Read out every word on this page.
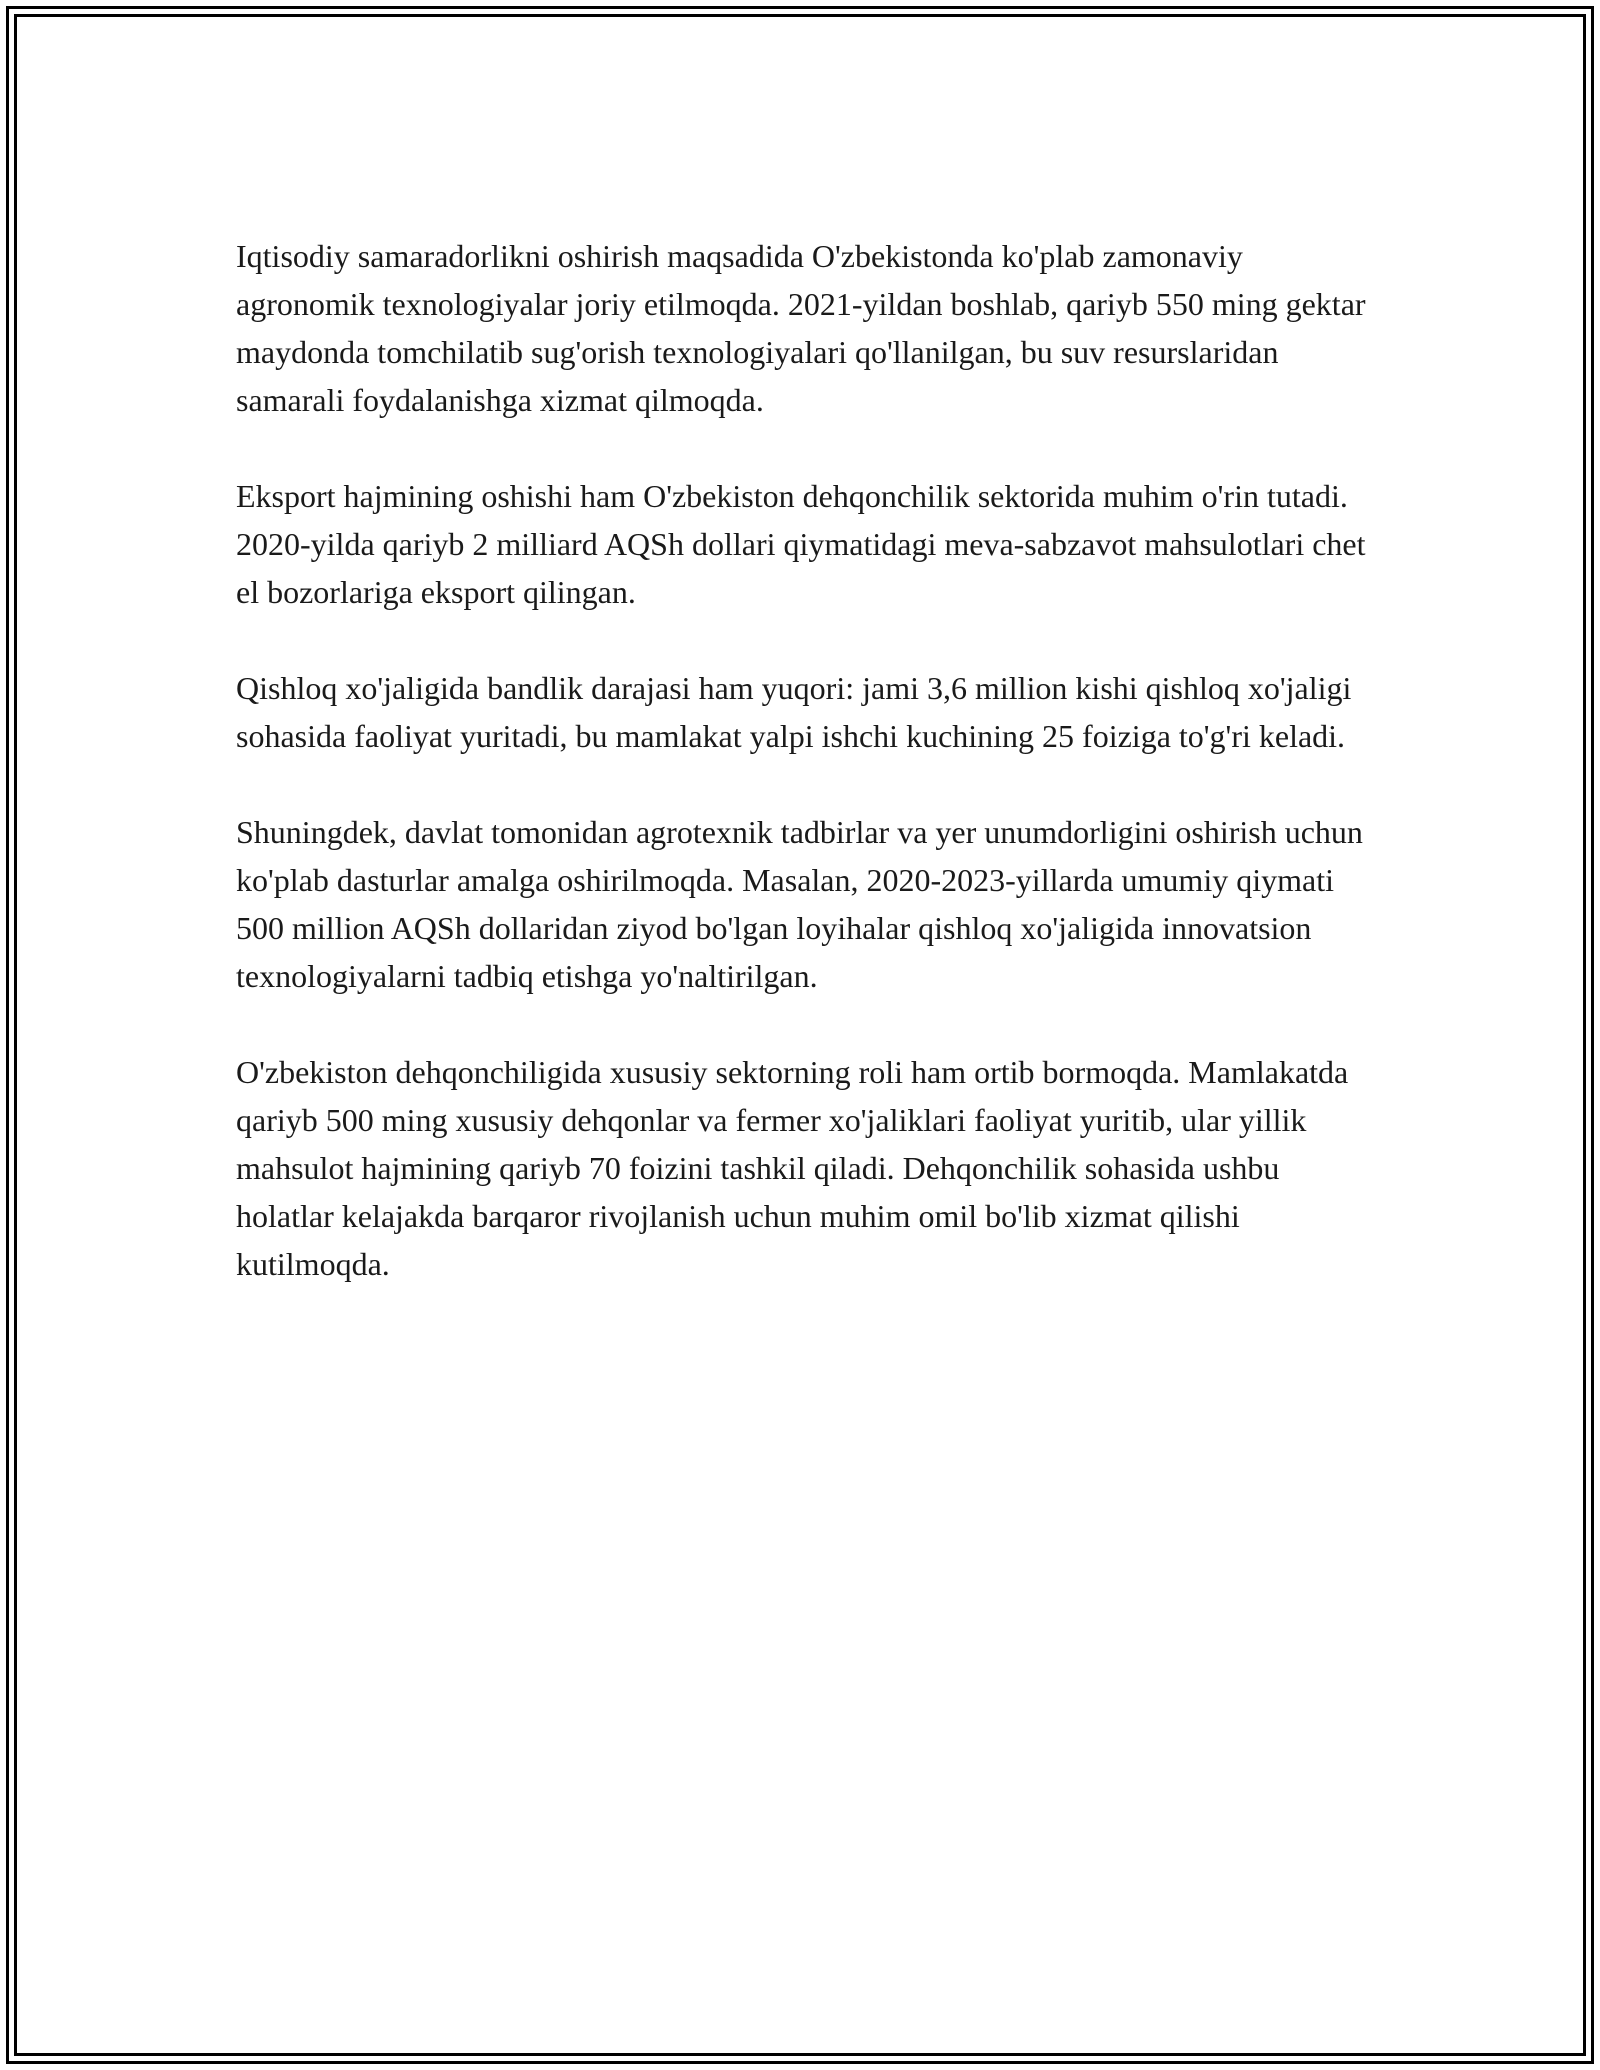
Iqtisodiy samaradorlikni oshirish maqsadida O'zbekistonda ko'plab zamonaviy agronomik texnologiyalar joriy etilmoqda. 2021-yildan boshlab, qariyb 550 ming gektar maydonda tomchilatib sug'orish texnologiyalari qo'llanilgan, bu suv resurslaridan samarali foydalanishga xizmat qilmoqda.

Eksport hajmining oshishi ham O'zbekiston dehqonchilik sektorida muhim o'rin tutadi. 2020-yilda qariyb 2 milliard AQSh dollari qiymatidagi meva-sabzavot mahsulotlari chet el bozorlariga eksport qilingan.

Qishloq xo'jaligida bandlik darajasi ham yuqori: jami 3,6 million kishi qishloq xo'jaligi sohasida faoliyat yuritadi, bu mamlakat yalpi ishchi kuchining 25 foiziga to'g'ri keladi.

Shuningdek, davlat tomonidan agrotexnik tadbirlar va yer unumdorligini oshirish uchun ko'plab dasturlar amalga oshirilmoqda. Masalan, 2020-2023-yillarda umumiy qiymati 500 million AQSh dollaridan ziyod bo'lgan loyihalar qishloq xo'jaligida innovatsion texnologiyalarni tadbiq etishga yo'naltirilgan.

O'zbekiston dehqonchiligida xususiy sektorning roli ham ortib bormoqda. Mamlakatda qariyb 500 ming xususiy dehqonlar va fermer xo'jaliklari faoliyat yuritib, ular yillik mahsulot hajmining qariyb 70 foizini tashkil qiladi. Dehqonchilik sohasida ushbu holatlar kelajakda barqaror rivojlanish uchun muhim omil bo'lib xizmat qilishi kutilmoqda.
